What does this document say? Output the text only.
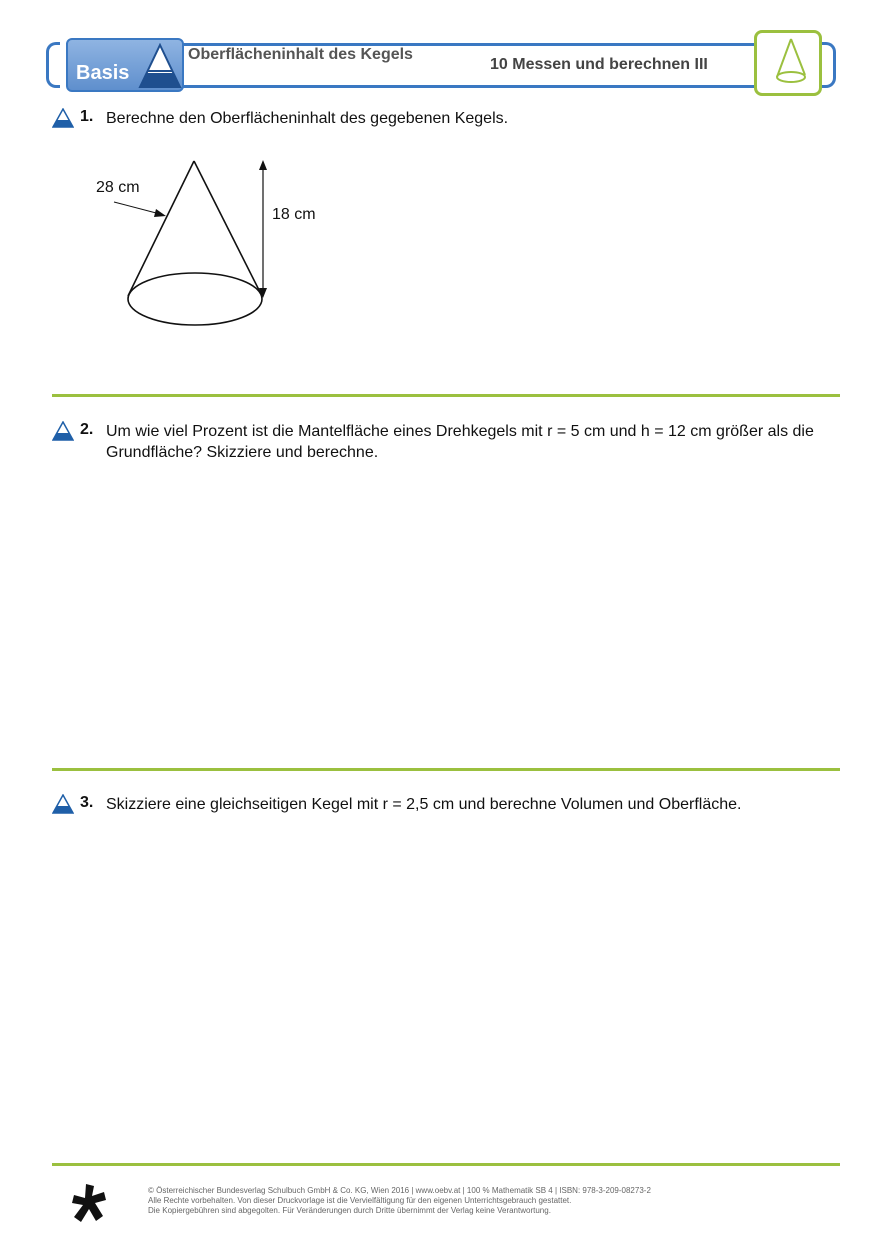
Basis
Oberflächeninhalt des Kegels
10 Messen und berechnen III
1. Berechne den Oberflächeninhalt des gegebenen Kegels.
28 cm
18 cm
2. Um wie viel Prozent ist die Mantelfläche eines Drehkegels mit r = 5 cm und h = 12 cm größer als die Grundfläche? Skizziere und berechne.
3. Skizziere eine gleichseitigen Kegel mit r = 2,5 cm und berechne Volumen und Oberfläche.
© Österreichischer Bundesverlag Schulbuch GmbH & Co. KG, Wien 2016 | www.oebv.at | 100 % Mathematik SB 4 | ISBN: 978-3-209-08273-2
Alle Rechte vorbehalten. Von dieser Druckvorlage ist die Vervielfältigung für den eigenen Unterrichtsgebrauch gestattet.
Die Kopiergebühren sind abgegolten. Für Veränderungen durch Dritte übernimmt der Verlag keine Verantwortung.
